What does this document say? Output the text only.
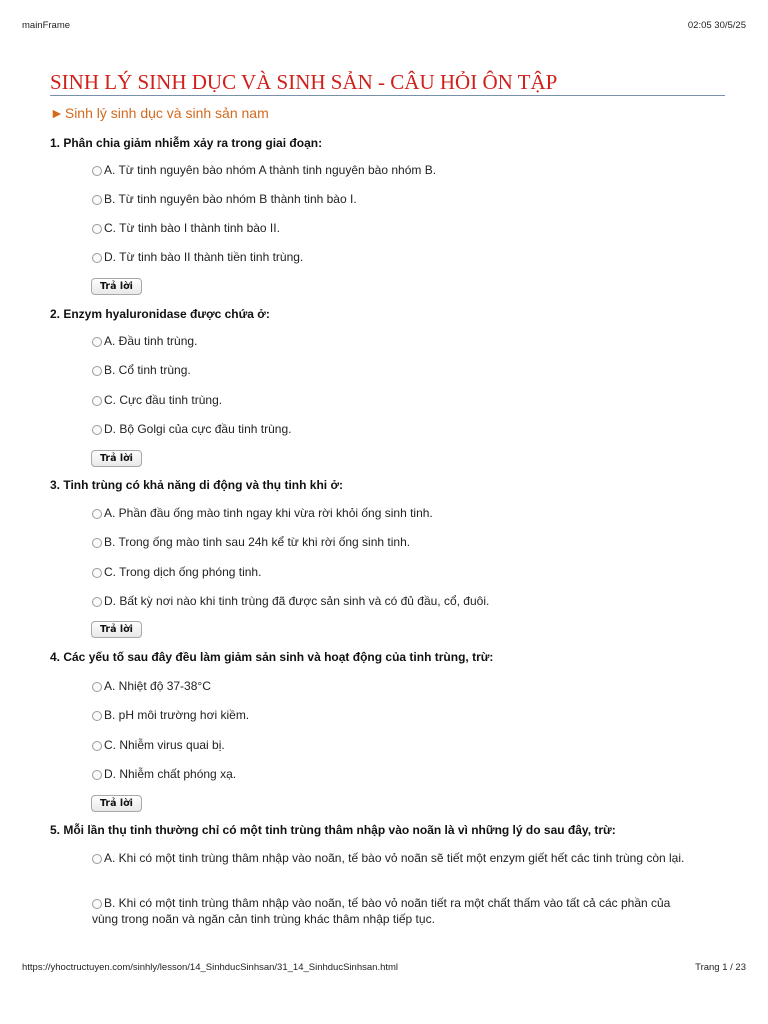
mainFrame	02:05 30/5/25
SINH LÝ SINH DỤC VÀ SINH SẢN - CÂU HỎI ÔN TẬP
►Sinh lý sinh dục và sinh sản nam
1. Phân chia giảm nhiễm xảy ra trong giai đoạn:
A. Từ tinh nguyên bào nhóm A thành tinh nguyên bào nhóm B.
B. Từ tinh nguyên bào nhóm B thành tinh bào I.
C. Từ tinh bào I thành tinh bào II.
D. Từ tinh bào II thành tiền tinh trùng.
Trả lời
2. Enzym hyaluronidase được chứa ở:
A. Đầu tinh trùng.
B. Cổ tinh trùng.
C. Cực đầu tinh trùng.
D. Bộ Golgi của cực đầu tinh trùng.
Trả lời
3. Tinh trùng có khả năng di động và thụ tinh khi ở:
A. Phần đầu ống mào tinh ngay khi vừa rời khỏi ống sinh tinh.
B. Trong ống mào tinh sau 24h kể từ khi rời ống sinh tinh.
C. Trong dịch ống phóng tinh.
D. Bất kỳ nơi nào khi tinh trùng đã được sản sinh và có đủ đầu, cổ, đuôi.
Trả lời
4. Các yếu tố sau đây đều làm giảm sản sinh và hoạt động của tinh trùng, trừ:
A. Nhiệt độ 37-38°C
B. pH môi trường hơi kiềm.
C. Nhiễm virus quai bị.
D. Nhiễm chất phóng xạ.
Trả lời
5. Mỗi lần thụ tinh thường chỉ có một tinh trùng thâm nhập vào noãn là vì những lý do sau đây, trừ:
A. Khi có một tinh trùng thâm nhập vào noãn, tế bào vỏ noãn sẽ tiết một enzym giết hết các tinh trùng còn lại.
B. Khi có một tinh trùng thâm nhập vào noãn, tế bào vỏ noãn tiết ra một chất thấm vào tất cả các phần của vùng trong noãn và ngăn cản tinh trùng khác thâm nhập tiếp tục.
https://yhoctructuyen.com/sinhly/lesson/14_SinhducSinhsan/31_14_SinhducSinhsan.html	Trang 1 / 23
